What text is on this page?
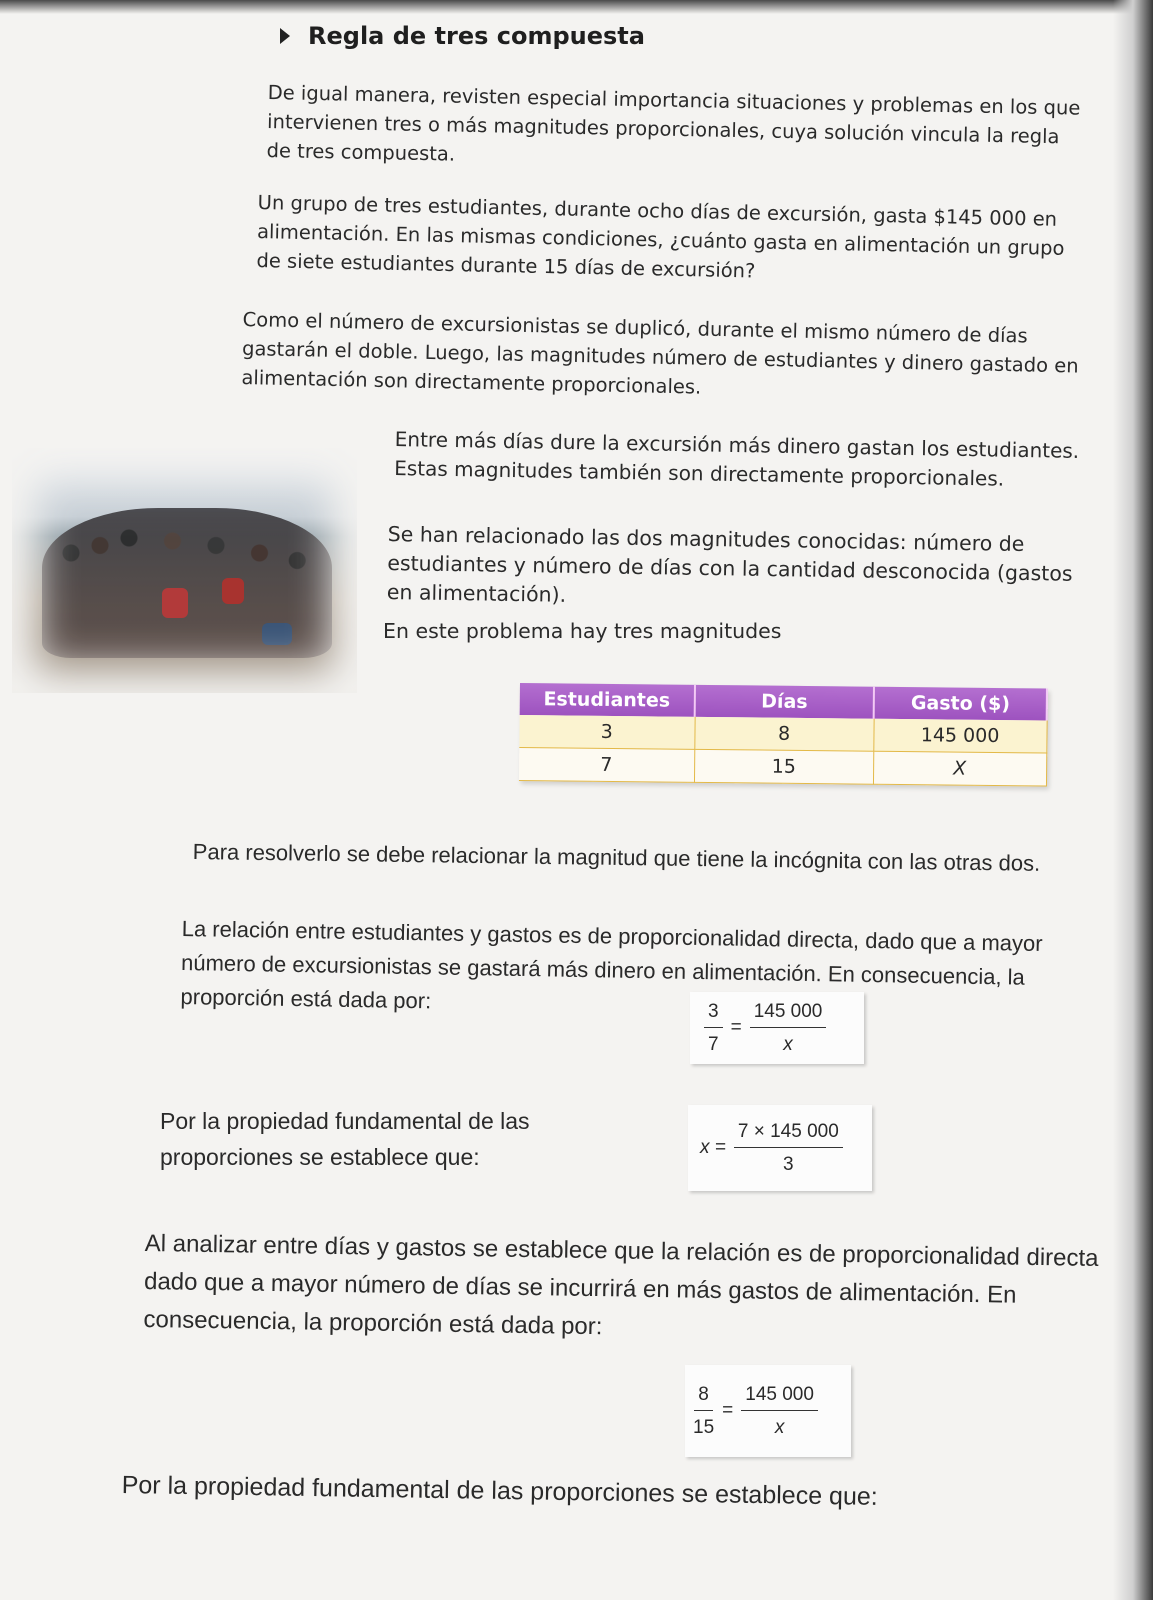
Regla de tres compuesta
De igual manera, revisten especial importancia situaciones y problemas en los que intervienen tres o más magnitudes proporcionales, cuya solución vincula la regla de tres compuesta.
Un grupo de tres estudiantes, durante ocho días de excursión, gasta $145 000 en alimentación. En las mismas condiciones, ¿cuánto gasta en alimentación un grupo de siete estudiantes durante 15 días de excursión?
Como el número de excursionistas se duplicó, durante el mismo número de días gastarán el doble. Luego, las magnitudes número de estudiantes y dinero gastado en alimentación son directamente proporcionales.
Entre más días dure la excursión más dinero gastan los estudiantes. Estas magnitudes también son directamente proporcionales.
Se han relacionado las dos magnitudes conocidas: número de estudiantes y número de días con la cantidad desconocida (gastos en alimentación).
En este problema hay tres magnitudes
Estudiantes	Días	Gasto ($)
3	8	145 000
7	15	X
Para resolverlo se debe relacionar la magnitud que tiene la incógnita con las otras dos.
La relación entre estudiantes y gastos es de proporcionalidad directa, dado que a mayor número de excursionistas se gastará más dinero en alimentación. En consecuencia, la proporción está dada por:
$\frac{3}{7} = \frac{145 000}{x}$
Por la propiedad fundamental de las proporciones se establece que:	$x = \frac{7 \times 145 000}{3}$
Al analizar entre días y gastos se establece que la relación es de proporcionalidad directa dado que a mayor número de días se incurrirá en más gastos de alimentación. En consecuencia, la proporción está dada por:
$\frac{8}{15} = \frac{145 000}{x}$
Por la propiedad fundamental de las proporciones se establece que:
